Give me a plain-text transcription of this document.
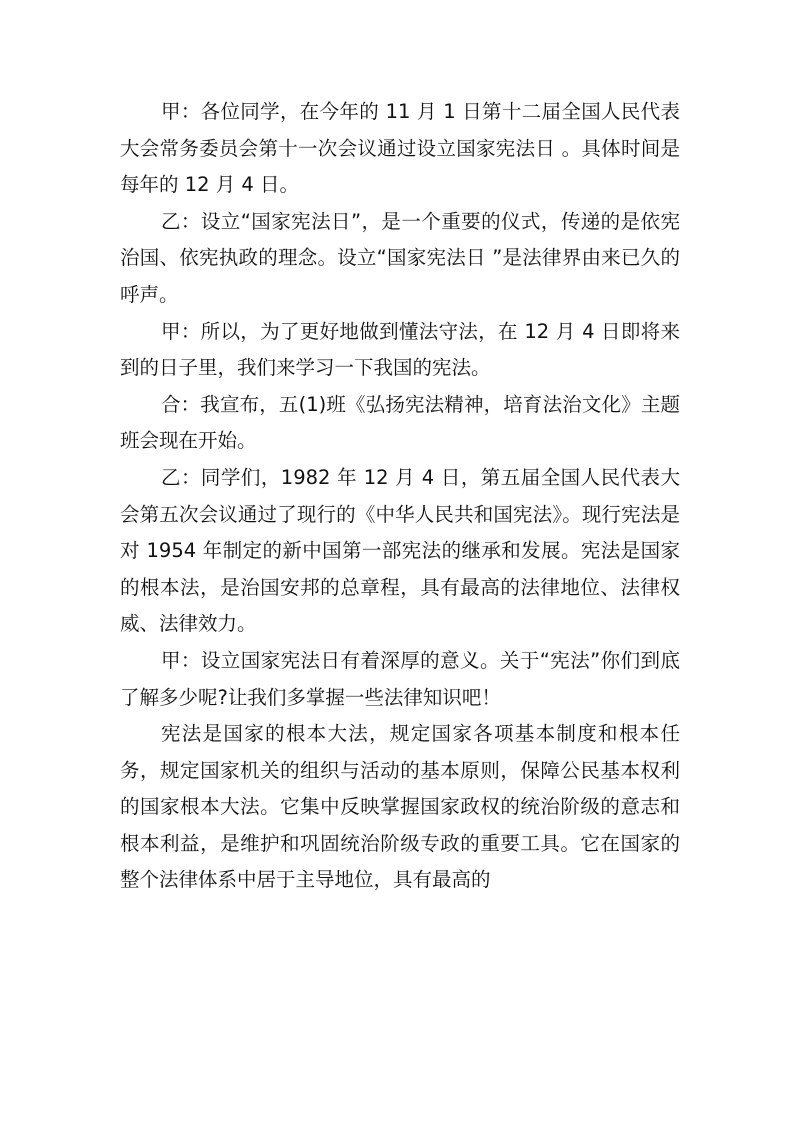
甲：各位同学，在今年的 11 月 1 日第十二届全国人民代表大会常务委员会第十一次会议通过设立国家宪法日 。具体时间是每年的 12 月 4 日。

乙：设立“国家宪法日”，是一个重要的仪式，传递的是依宪治国、依宪执政的理念。设立“国家宪法日 ”是法律界由来已久的呼声。

甲：所以，为了更好地做到懂法守法，在 12 月 4 日即将来到的日子里，我们来学习一下我国的宪法。

合：我宣布，五(1)班《弘扬宪法精神，培育法治文化》主题班会现在开始。

乙：同学们，1982 年 12 月 4 日，第五届全国人民代表大会第五次会议通过了现行的《中华人民共和国宪法》。现行宪法是对 1954 年制定的新中国第一部宪法的继承和发展。宪法是国家的根本法，是治国安邦的总章程，具有最高的法律地位、法律权威、法律效力。

甲：设立国家宪法日有着深厚的意义。关于“宪法”你们到底了解多少呢?让我们多掌握一些法律知识吧！

宪法是国家的根本大法，规定国家各项基本制度和根本任务，规定国家机关的组织与活动的基本原则，保障公民基本权利的国家根本大法。它集中反映掌握国家政权的统治阶级的意志和根本利益，是维护和巩固统治阶级专政的重要工具。它在国家的整个法律体系中居于主导地位，具有最高的
